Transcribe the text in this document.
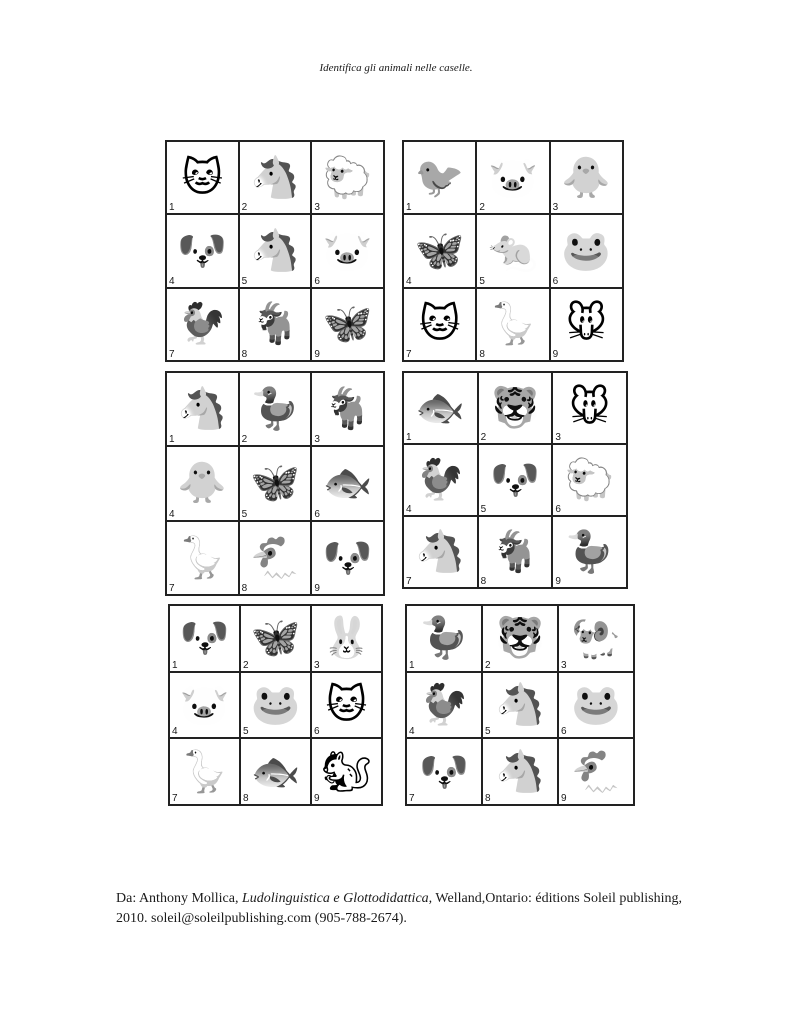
Identifica gli animali nelle caselle.
🐱
1
🐴
2
🐑
3
🐶
4
🐴
5
🐷
6
🐓
7
🐐
8
🦋
9
🐦
1
🐷
2
🐥
3
🦋
4
🐀
5
🐸
6
🐱
7
🪿
8
🐭
9
🐴
1
🦆
2
🐐
3
🐥
4
🦋
5
🐟
6
🪿
7
🐔
8
🐶
9
🐟
1
🐯
2
🐭
3
🐓
4
🐶
5
🐑
6
🐴
7
🐐
8
🦆
9
🐶
1
🦋
2
🐰
3
🐷
4
🐸
5
🐱
6
🪿
7
🐟
8
🐿
9
🦆
1
🐯
2
🐏
3
🐓
4
🐴
5
🐸
6
🐶
7
🐴
8
🐔
9
Da: Anthony Mollica, Ludolinguistica e Glottodidattica, Welland,Ontario: éditions Soleil publishing, 2010. soleil@soleilpublishing.com (905-788-2674).
